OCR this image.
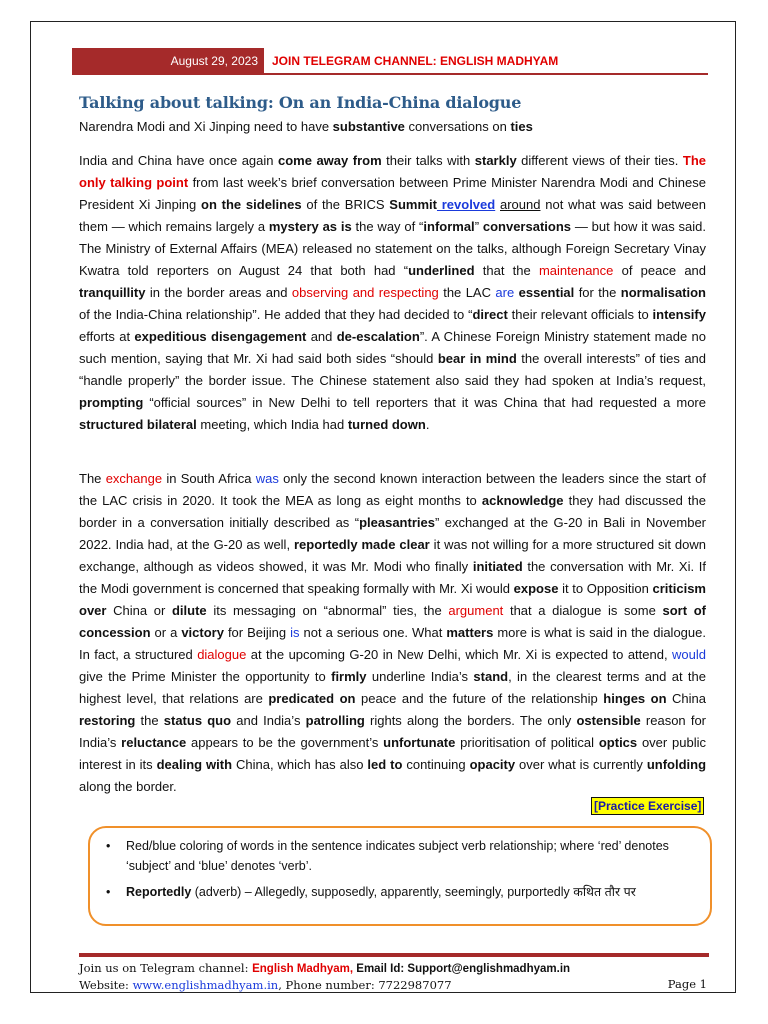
August 29, 2023	JOIN TELEGRAM CHANNEL: ENGLISH MADHYAM
Talking about talking: On an India-China dialogue

Narendra Modi and Xi Jinping need to have substantive conversations on ties

India and China have once again come away from their talks with starkly different views of their ties. The only talking point from last week’s brief conversation between Prime Minister Narendra Modi and Chinese President Xi Jinping on the sidelines of the BRICS Summit revolved around not what was said between them — which remains largely a mystery as is the way of “informal” conversations — but how it was said. The Ministry of External Affairs (MEA) released no statement on the talks, although Foreign Secretary Vinay Kwatra told reporters on August 24 that both had “underlined that the maintenance of peace and tranquillity in the border areas and observing and respecting the LAC are essential for the normalisation of the India-China relationship”. He added that they had decided to “direct their relevant officials to intensify efforts at expeditious disengagement and de-escalation”. A Chinese Foreign Ministry statement made no such mention, saying that Mr. Xi had said both sides “should bear in mind the overall interests” of ties and “handle properly” the border issue. The Chinese statement also said they had spoken at India’s request, prompting “official sources” in New Delhi to tell reporters that it was China that had requested a more structured bilateral meeting, which India had turned down.

The exchange in South Africa was only the second known interaction between the leaders since the start of the LAC crisis in 2020. It took the MEA as long as eight months to acknowledge they had discussed the border in a conversation initially described as “pleasantries” exchanged at the G-20 in Bali in November 2022. India had, at the G-20 as well, reportedly made clear it was not willing for a more structured sit down exchange, although as videos showed, it was Mr. Modi who finally initiated the conversation with Mr. Xi. If the Modi government is concerned that speaking formally with Mr. Xi would expose it to Opposition criticism over China or dilute its messaging on “abnormal” ties, the argument that a dialogue is some sort of concession or a victory for Beijing is not a serious one. What matters more is what is said in the dialogue. In fact, a structured dialogue at the upcoming G-20 in New Delhi, which Mr. Xi is expected to attend, would give the Prime Minister the opportunity to firmly underline India’s stand, in the clearest terms and at the highest level, that relations are predicated on peace and the future of the relationship hinges on China restoring the status quo and India’s patrolling rights along the borders. The only ostensible reason for India’s reluctance appears to be the government’s unfortunate prioritisation of political optics over public interest in its dealing with China, which has also led to continuing opacity over what is currently unfolding along the border.

[Practice Exercise]
• Red/blue coloring of words in the sentence indicates subject verb relationship; where ‘red’ denotes ‘subject’ and ‘blue’ denotes ‘verb’.
• Reportedly (adverb) – Allegedly, supposedly, apparently, seemingly, purportedly कथित तौर पर
Join us on Telegram channel: English Madhyam, Email Id: Support@englishmadhyam.in
Website: www.englishmadhyam.in, Phone number: 7722987077	Page 1
